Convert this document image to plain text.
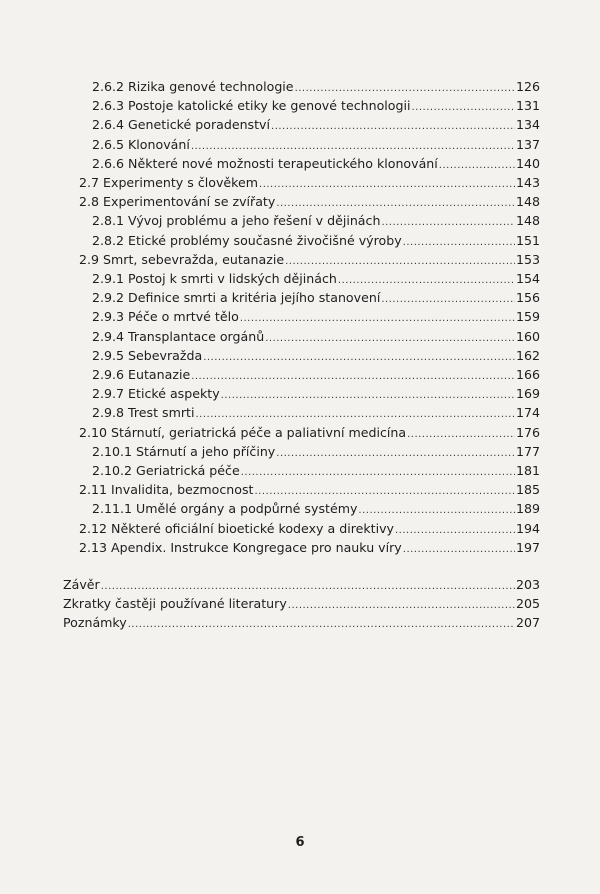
2.6.2 Rizika genové technologie .....	126
2.6.3 Postoje katolické etiky ke genové technologii .....	131
2.6.4 Genetické poradenství .....	134
2.6.5 Klonování .....	137
2.6.6 Některé nové možnosti terapeutického klonování .....	140
2.7 Experimenty s člověkem .....	143
2.8 Experimentování se zvířaty .....	148
2.8.1 Vývoj problému a jeho řešení v dějinách .....	148
2.8.2 Etické problémy současné živočišné výroby .....	151
2.9 Smrt, sebevražda, eutanazie .....	153
2.9.1 Postoj k smrti v lidských dějinách .....	154
2.9.2 Definice smrti a kritéria jejího stanovení .....	156
2.9.3 Péče o mrtvé tělo .....	159
2.9.4 Transplantace orgánů .....	160
2.9.5 Sebevražda .....	162
2.9.6 Eutanazie .....	166
2.9.7 Etické aspekty .....	169
2.9.8 Trest smrti .....	174
2.10 Stárnutí, geriatrická péče a paliativní medicína .....	176
2.10.1 Stárnutí a jeho příčiny .....	177
2.10.2 Geriatrická péče .....	181
2.11 Invalidita, bezmocnost .....	185
2.11.1 Umělé orgány a podpůrné systémy .....	189
2.12 Některé oficiální bioetické kodexy a direktivy .....	194
2.13 Apendix. Instrukce Kongregace pro nauku víry .....	197
Závěr .....	203
Zkratky častěji používané literatury .....	205
Poznámky .....	207
6
